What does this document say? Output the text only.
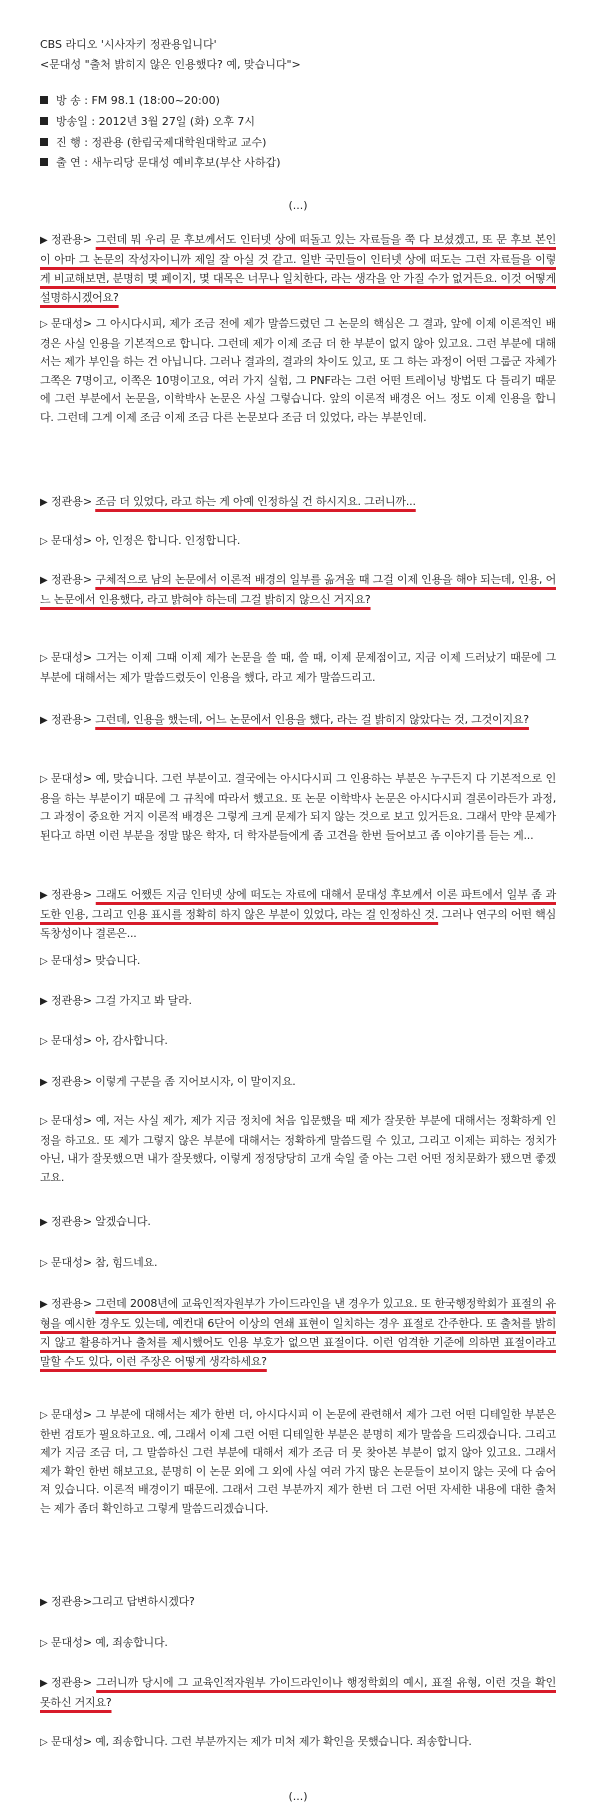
CBS 라디오 '시사자키 정관용입니다'
<문대성 "출처 밝히지 않은 인용했다? 예, 맞습니다">
방 송 : FM 98.1 (18:00~20:00)
방송일 : 2012년 3월 27일 (화) 오후 7시
진 행 : 정관용 (한림국제대학원대학교 교수)
출 연 : 새누리당 문대성 예비후보(부산 사하갑)
(...)
▶ 정관용> 그런데 뭐 우리 문 후보께서도 인터넷 상에 떠돌고 있는 자료들을 쭉 다 보셨겠고, 또 문 후보 본인이 아마 그 논문의 작성자이니까 제일 잘 아실 것 같고. 일반 국민들이 인터넷 상에 떠도는 그런 자료들을 이렇게 비교해보면, 분명히 몇 페이지, 몇 대목은 너무나 일치한다, 라는 생각을 안 가질 수가 없거든요. 이것 어떻게 설명하시겠어요?
▷ 문대성> 그 아시다시피, 제가 조금 전에 제가 말씀드렸던 그 논문의 핵심은 그 결과, 앞에 이제 이론적인 배경은 사실 인용을 기본적으로 합니다. 그런데 제가 이제 조금 더 한 부분이 없지 않아 있고요. 그런 부분에 대해서는 제가 부인을 하는 건 아닙니다. 그러나 결과의, 결과의 차이도 있고, 또 그 하는 과정이 어떤 그룹군 자체가 그쪽은 7명이고, 이쪽은 10명이고요, 여러 가지 실험, 그 PNF라는 그런 어떤 트레이닝 방법도 다 틀리기 때문에 그런 부분에서 논문을, 이학박사 논문은 사실 그렇습니다. 앞의 이론적 배경은 어느 정도 이제 인용을 합니다. 그런데 그게 이제 조금 이제 조금 다른 논문보다 조금 더 있었다, 라는 부분인데.
▶ 정관용> 조금 더 있었다, 라고 하는 게 아예 인정하실 건 하시지요. 그러니까...
▷ 문대성> 아, 인정은 합니다. 인정합니다.
▶ 정관용> 구체적으로 남의 논문에서 이론적 배경의 일부를 옮겨올 때 그걸 이제 인용을 해야 되는데, 인용, 어느 논문에서 인용했다, 라고 밝혀야 하는데 그걸 밝히지 않으신 거지요?
▷ 문대성> 그거는 이제 그때 이제 제가 논문을 쓸 때, 쓸 때, 이제 문제점이고, 지금 이제 드러났기 때문에 그 부분에 대해서는 제가 말씀드렸듯이 인용을 했다, 라고 제가 말씀드리고.
▶ 정관용> 그런데, 인용을 했는데, 어느 논문에서 인용을 했다, 라는 걸 밝히지 않았다는 것, 그것이지요?
▷ 문대성> 예, 맞습니다. 그런 부분이고. 결국에는 아시다시피 그 인용하는 부분은 누구든지 다 기본적으로 인용을 하는 부분이기 때문에 그 규칙에 따라서 했고요. 또 논문 이학박사 논문은 아시다시피 결론이라든가 과정, 그 과정이 중요한 거지 이론적 배경은 그렇게 크게 문제가 되지 않는 것으로 보고 있거든요. 그래서 만약 문제가 된다고 하면 이런 부분을 정말 많은 학자, 더 학자분들에게 좀 고견을 한번 들어보고 좀 이야기를 듣는 게...
▶ 정관용> 그래도 어쨌든 지금 인터넷 상에 떠도는 자료에 대해서 문대성 후보께서 이론 파트에서 일부 좀 과도한 인용, 그리고 인용 표시를 정확히 하지 않은 부분이 있었다, 라는 걸 인정하신 것. 그러나 연구의 어떤 핵심 독창성이나 결론은...
▷ 문대성> 맞습니다.
▶ 정관용> 그걸 가지고 봐 달라.
▷ 문대성> 아, 감사합니다.
▶ 정관용> 이렇게 구분을 좀 지어보시자, 이 말이지요.
▷ 문대성> 예, 저는 사실 제가, 제가 지금 정치에 처음 입문했을 때 제가 잘못한 부분에 대해서는 정확하게 인정을 하고요. 또 제가 그렇지 않은 부분에 대해서는 정확하게 말씀드릴 수 있고, 그리고 이제는 피하는 정치가 아닌, 내가 잘못했으면 내가 잘못했다, 이렇게 정정당당히 고개 숙일 줄 아는 그런 어떤 정치문화가 됐으면 좋겠고요.
▶ 정관용> 알겠습니다.
▷ 문대성> 참, 힘드네요.
▶ 정관용> 그런데 2008년에 교육인적자원부가 가이드라인을 낸 경우가 있고요. 또 한국행정학회가 표절의 유형을 예시한 경우도 있는데, 예컨대 6단어 이상의 연쇄 표현이 일치하는 경우 표절로 간주한다. 또 출처를 밝히지 않고 활용하거나 출처를 제시했어도 인용 부호가 없으면 표절이다. 이런 엄격한 기준에 의하면 표절이라고 말할 수도 있다, 이런 주장은 어떻게 생각하세요?
▷ 문대성> 그 부분에 대해서는 제가 한번 더, 아시다시피 이 논문에 관련해서 제가 그런 어떤 디테일한 부분은 한번 검토가 필요하고요. 예, 그래서 이제 그런 어떤 디테일한 부분은 분명히 제가 말씀을 드리겠습니다. 그리고 제가 지금 조금 더, 그 말씀하신 그런 부분에 대해서 제가 조금 더 못 찾아본 부분이 없지 않아 있고요. 그래서 제가 확인 한번 해보고요, 분명히 이 논문 외에 그 외에 사실 여러 가지 많은 논문들이 보이지 않는 곳에 다 숨어져 있습니다. 이론적 배경이기 때문에. 그래서 그런 부분까지 제가 한번 더 그런 어떤 자세한 내용에 대한 출처는 제가 좀더 확인하고 그렇게 말씀드리겠습니다.
▶ 정관용>그리고 답변하시겠다?
▷ 문대성> 예, 죄송합니다.
▶ 정관용> 그러니까 당시에 그 교육인적자원부 가이드라인이나 행정학회의 예시, 표절 유형, 이런 것을 확인 못하신 거지요?
▷ 문대성> 예, 죄송합니다. 그런 부분까지는 제가 미처 제가 확인을 못했습니다. 죄송합니다.
(...)
